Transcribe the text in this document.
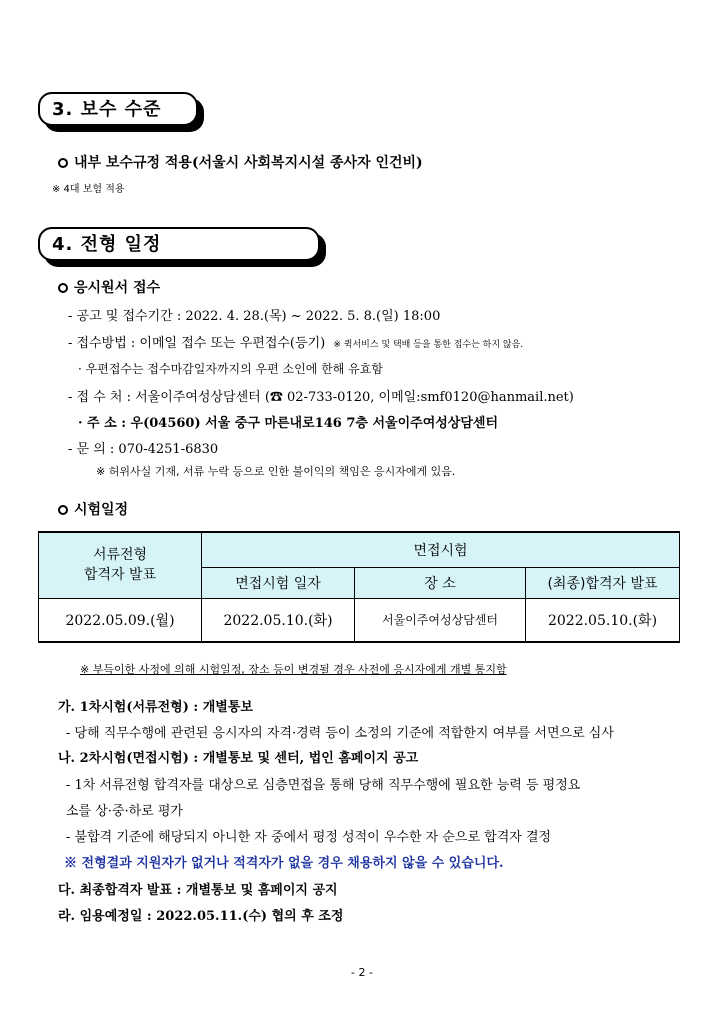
3. 보수 수준
내부 보수규정 적용(서울시 사회복지시설 종사자 인건비)
※ 4대 보험 적용
4. 전형 일정
응시원서 접수
- 공고 및 접수기간 : 2022. 4. 28.(목) ~ 2022. 5. 8.(일) 18:00
- 접수방법 : 이메일 접수 또는 우편접수(등기) ※ 퀵서비스 및 택배 등을 통한 접수는 하지 않음.
· 우편접수는 접수마감일자까지의 우편 소인에 한해 유효함
- 접 수 처 : 서울이주여성상담센터 (☎ 02-733-0120, 이메일:smf0120@hanmail.net)
· 주 소 : 우(04560) 서울 중구 마른내로146 7층 서울이주여성상담센터
- 문 의 : 070-4251-6830
※ 허위사실 기재, 서류 누락 등으로 인한 불이익의 책임은 응시자에게 있음.
시험일정
서류전형
합격자 발표	면접시험		
	면접시험 일자	장 소	(최종)합격자 발표
2022.05.09.(월)	2022.05.10.(화)	서울이주여성상담센터	2022.05.10.(화)
※ 부득이한 사정에 의해 시험일정, 장소 등이 변경될 경우 사전에 응시자에게 개별 통지함
가. 1차시험(서류전형) : 개별통보
- 당해 직무수행에 관련된 응시자의 자격·경력 등이 소정의 기준에 적합한지 여부를 서면으로 심사
나. 2차시험(면접시험) : 개별통보 및 센터, 법인 홈페이지 공고
- 1차 서류전형 합격자를 대상으로 심층면접을 통해 당해 직무수행에 필요한 능력 등 평정요
소를 상·중·하로 평가
- 불합격 기준에 해당되지 아니한 자 중에서 평정 성적이 우수한 자 순으로 합격자 결정
※ 전형결과 지원자가 없거나 적격자가 없을 경우 채용하지 않을 수 있습니다.
다. 최종합격자 발표 : 개별통보 및 홈페이지 공지
라. 임용예정일 : 2022.05.11.(수) 협의 후 조정
- 2 -
